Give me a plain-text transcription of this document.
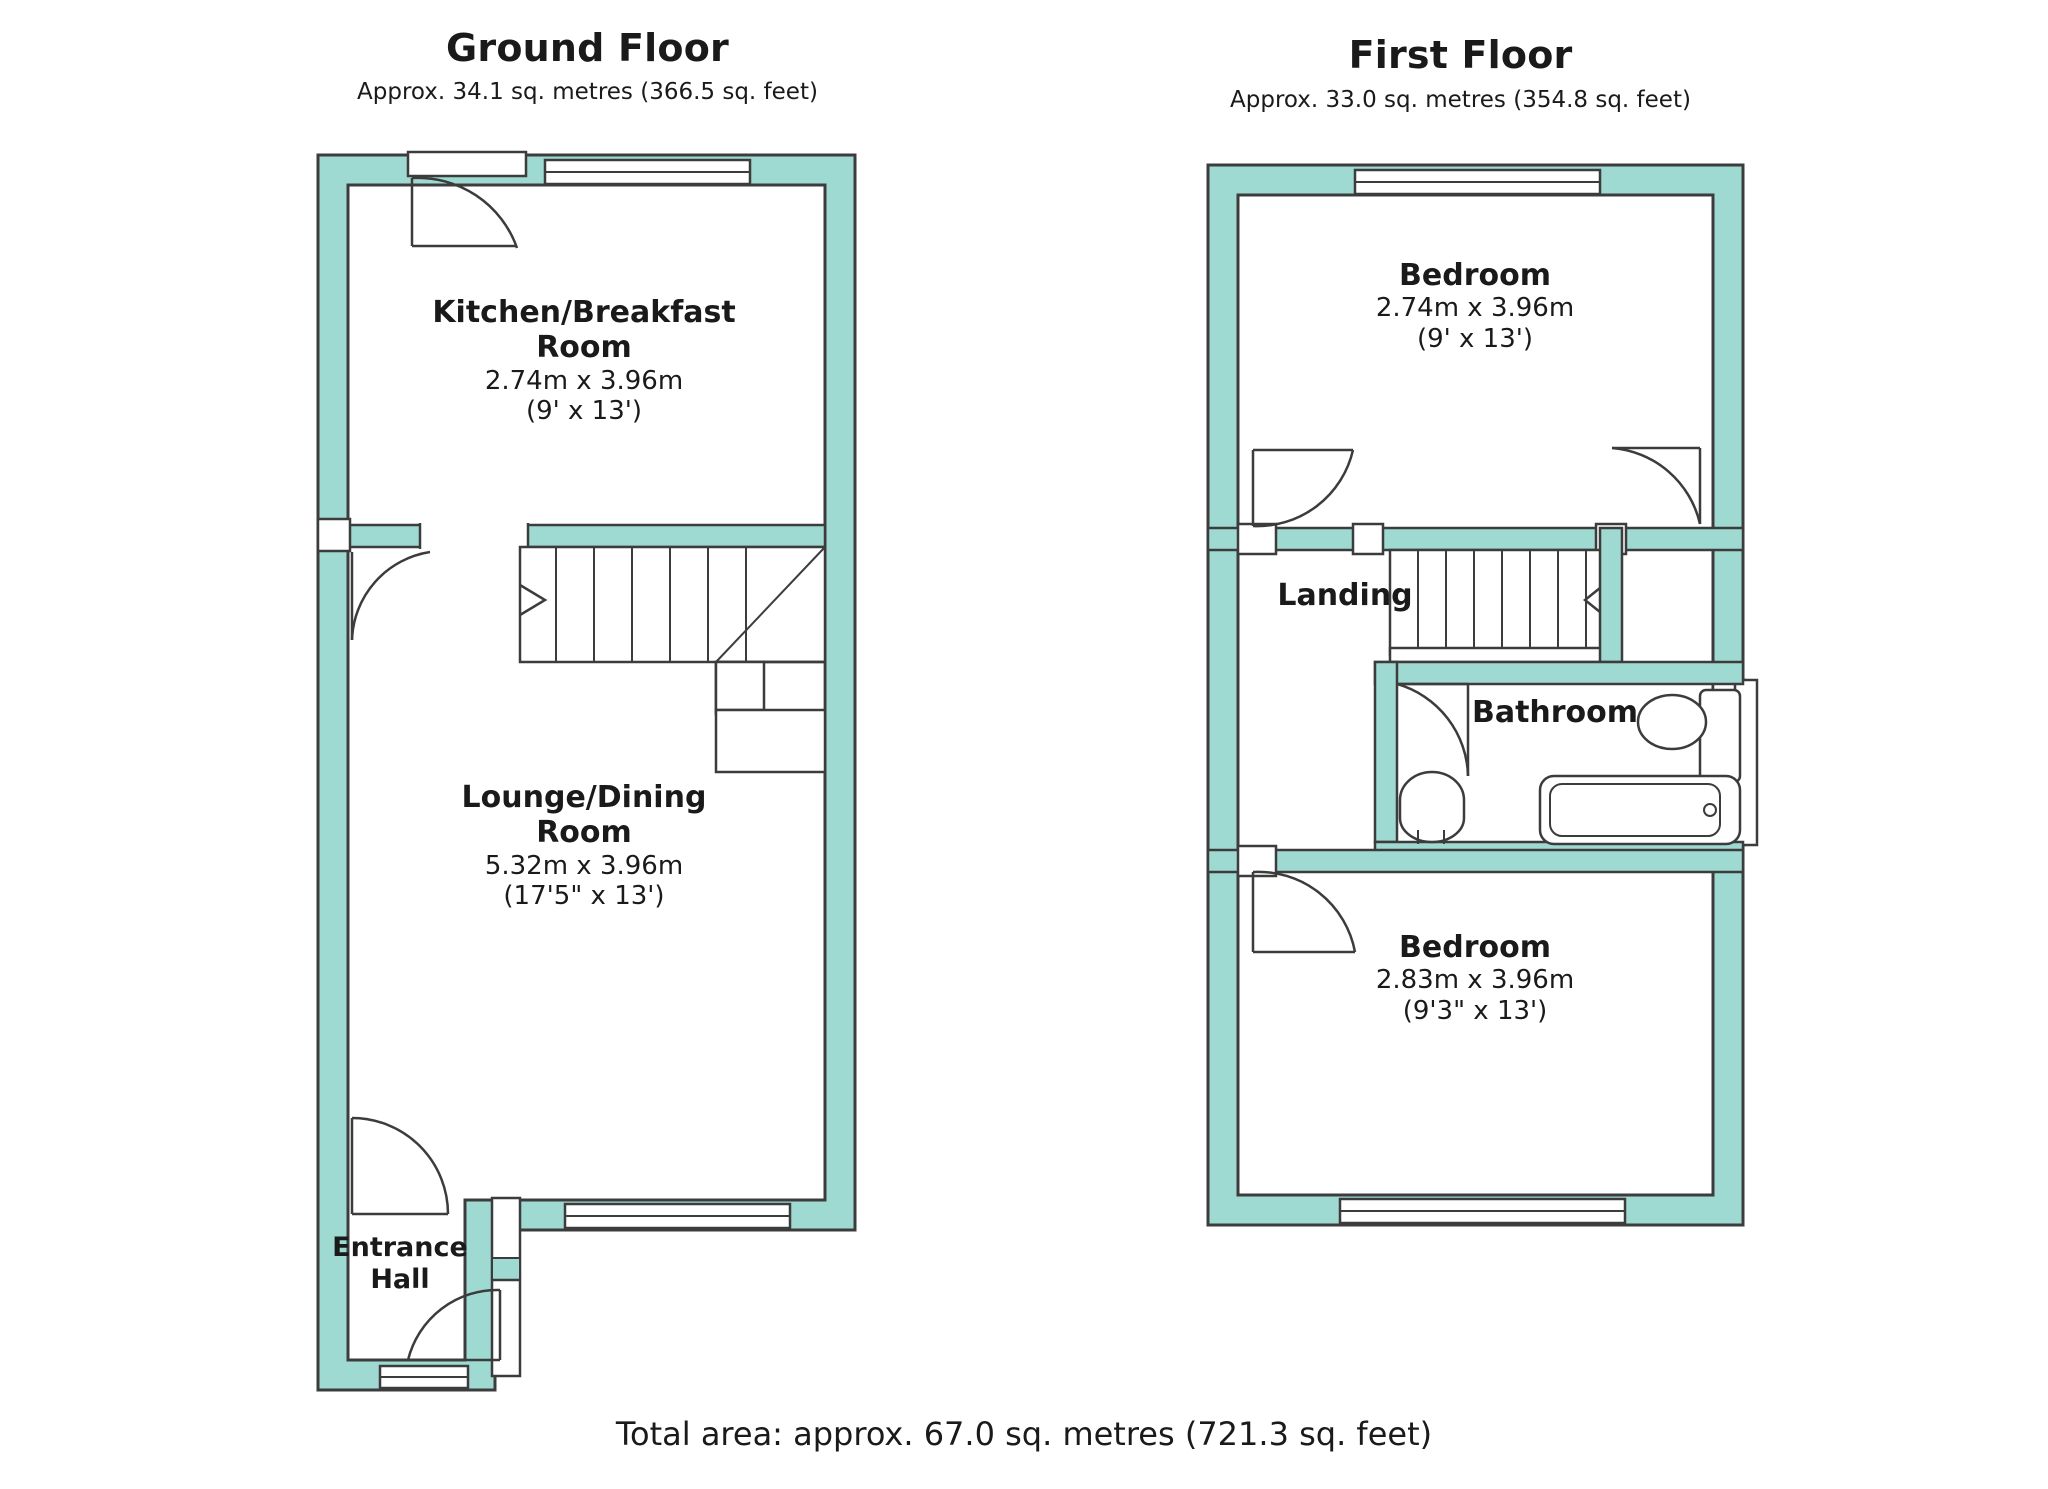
Ground Floor
Approx. 34.1 sq. metres (366.5 sq. feet)
First Floor
Approx. 33.0 sq. metres (354.8 sq. feet)
Kitchen/Breakfast
Room
2.74m x 3.96m
(9' x 13')
Lounge/Dining
Room
5.32m x 3.96m
(17'5" x 13')
Entrance
Hall
Bedroom
2.74m x 3.96m
(9' x 13')
Landing
Bathroom
Bedroom
2.83m x 3.96m
(9'3" x 13')
Total area: approx. 67.0 sq. metres (721.3 sq. feet)
